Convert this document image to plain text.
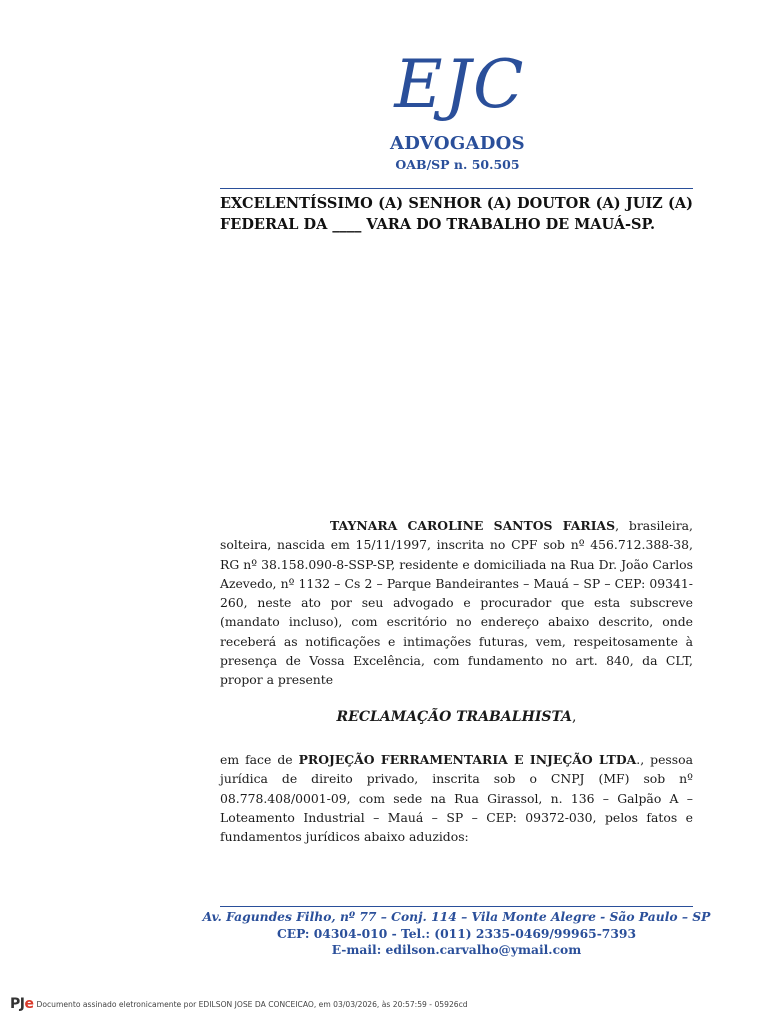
EJC
ADVOGADOS
OAB/SP n. 50.505
EXCELENTÍSSIMO (A) SENHOR (A) DOUTOR (A) JUIZ (A)
FEDERAL DA ____ VARA DO TRABALHO DE MAUÁ-SP.
TAYNARA CAROLINE SANTOS FARIAS, brasileira, solteira, nascida em 15/11/1997, inscrita no CPF sob nº 456.712.388-38, RG nº 38.158.090-8-SSP-SP, residente e domiciliada na Rua Dr. João Carlos Azevedo, nº 1132 – Cs 2 – Parque Bandeirantes – Mauá – SP – CEP: 09341-260, neste ato por seu advogado e procurador que esta subscreve (mandato incluso), com escritório no endereço abaixo descrito, onde receberá as notificações e intimações futuras, vem, respeitosamente à presença de Vossa Excelência, com fundamento no art. 840, da CLT, propor a presente
RECLAMAÇÃO TRABALHISTA,
em face de PROJEÇÃO FERRAMENTARIA E INJEÇÃO LTDA., pessoa jurídica de direito privado, inscrita sob o CNPJ (MF) sob nº 08.778.408/0001-09, com sede na Rua Girassol, n. 136 – Galpão A – Loteamento Industrial – Mauá – SP – CEP: 09372-030, pelos fatos e fundamentos jurídicos abaixo aduzidos:
Av. Fagundes Filho, nº 77 – Conj. 114 – Vila Monte Alegre - São Paulo – SP
CEP: 04304-010 - Tel.: (011) 2335-0469/99965-7393
E-mail: edilson.carvalho@ymail.com
PJe Documento assinado eletronicamente por EDILSON JOSE DA CONCEICAO, em 03/03/2026, às 20:57:59 - 05926cd
